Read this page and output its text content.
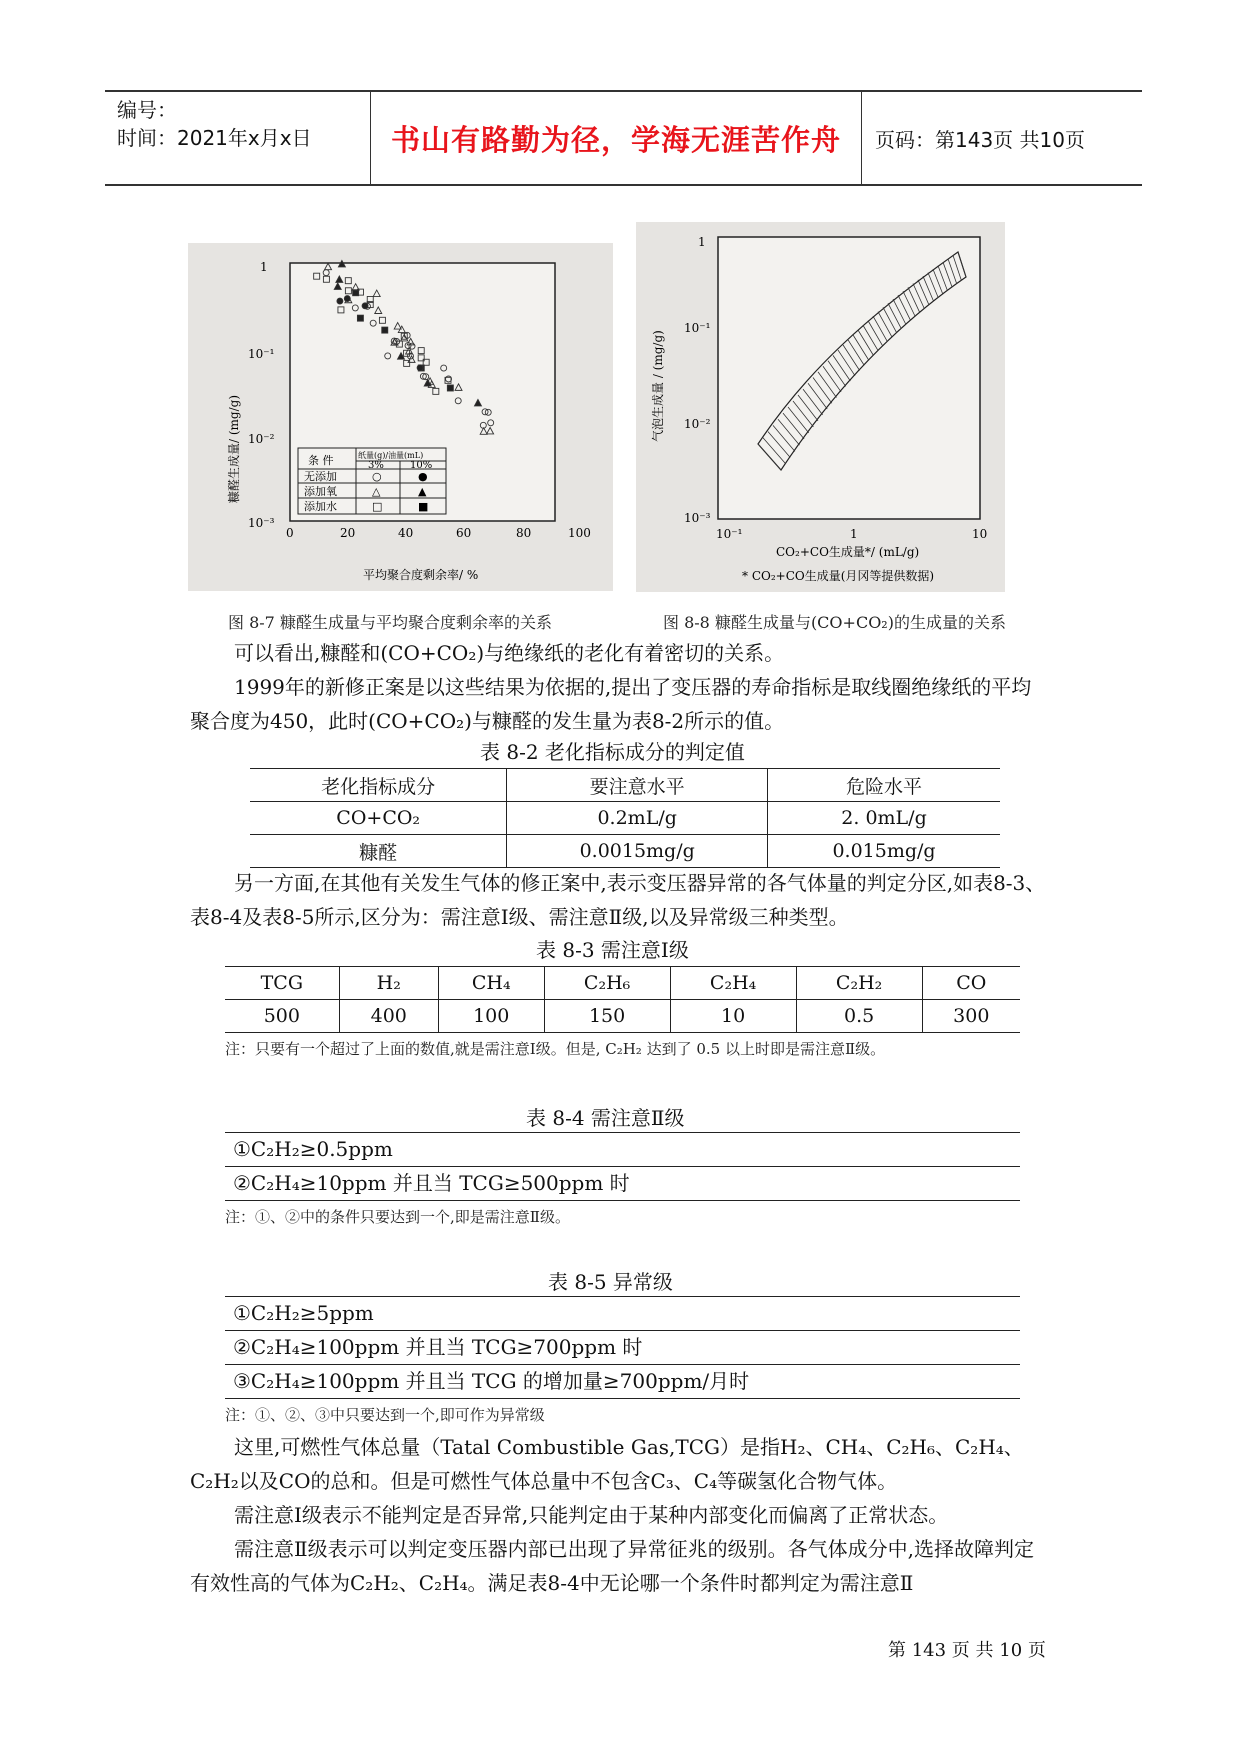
编号：
时间：2021年x月x日	书山有路勤为径，学海无涯苦作舟	页码：第143页 共10页
1
10⁻¹
10⁻²
10⁻³
0	20	40	60	80	100
平均聚合度剩余率/ %
糠醛生成量/ (mg/g)	条 件	纸量(g)/油量(mL)
3%	10%
无添加	○	●
添加氧	△	▲
添加水	□	■
图 8-7 糠醛生成量与平均聚合度剩余率的关系
1
10⁻¹
10⁻²
10⁻³
10⁻¹	1	10
CO₂+CO生成量*/ (mL/g)
* CO₂+CO生成量(月冈等提供数据)
气泡生成量 / (mg/g)
图 8-8 糠醛生成量与(CO+CO₂)的生成量的关系
可以看出,糠醛和(CO+CO₂)与绝缘纸的老化有着密切的关系。
1999年的新修正案是以这些结果为依据的,提出了变压器的寿命指标是取线圈绝缘纸的平均聚合度为450，此时(CO+CO₂)与糠醛的发生量为表8-2所示的值。
表 8-2 老化指标成分的判定值
老化指标成分	要注意水平	危险水平
CO+CO₂	0.2mL/g	2. 0mL/g
糠醛	0.0015mg/g	0.015mg/g
另一方面,在其他有关发生气体的修正案中,表示变压器异常的各气体量的判定分区,如表8-3、表8-4及表8-5所示,区分为：需注意Ⅰ级、需注意Ⅱ级,以及异常级三种类型。
表 8-3 需注意Ⅰ级
TCG	H₂	CH₄	C₂H₆	C₂H₄	C₂H₂	CO
500	400	100	150	10	0.5	300
注：只要有一个超过了上面的数值,就是需注意Ⅰ级。但是, C₂H₂ 达到了 0.5 以上时即是需注意Ⅱ级。
表 8-4 需注意Ⅱ级
①C₂H₂≥0.5ppm
②C₂H₄≥10ppm 并且当 TCG≥500ppm 时
注：①、②中的条件只要达到一个,即是需注意Ⅱ级。
表 8-5 异常级
①C₂H₂≥5ppm
②C₂H₄≥100ppm 并且当 TCG≥700ppm 时
③C₂H₄≥100ppm 并且当 TCG 的增加量≥700ppm/月时
注：①、②、③中只要达到一个,即可作为异常级
这里,可燃性气体总量（Tatal Combustible Gas,TCG）是指H₂、CH₄、C₂H₆、C₂H₄、C₂H₂以及CO的总和。但是可燃性气体总量中不包含C₃、C₄等碳氢化合物气体。
需注意Ⅰ级表示不能判定是否异常,只能判定由于某种内部变化而偏离了正常状态。
需注意Ⅱ级表示可以判定变压器内部已出现了异常征兆的级别。各气体成分中,选择故障判定有效性高的气体为C₂H₂、C₂H₄。满足表8-4中无论哪一个条件时都判定为需注意Ⅱ
第 143 页 共 10 页
